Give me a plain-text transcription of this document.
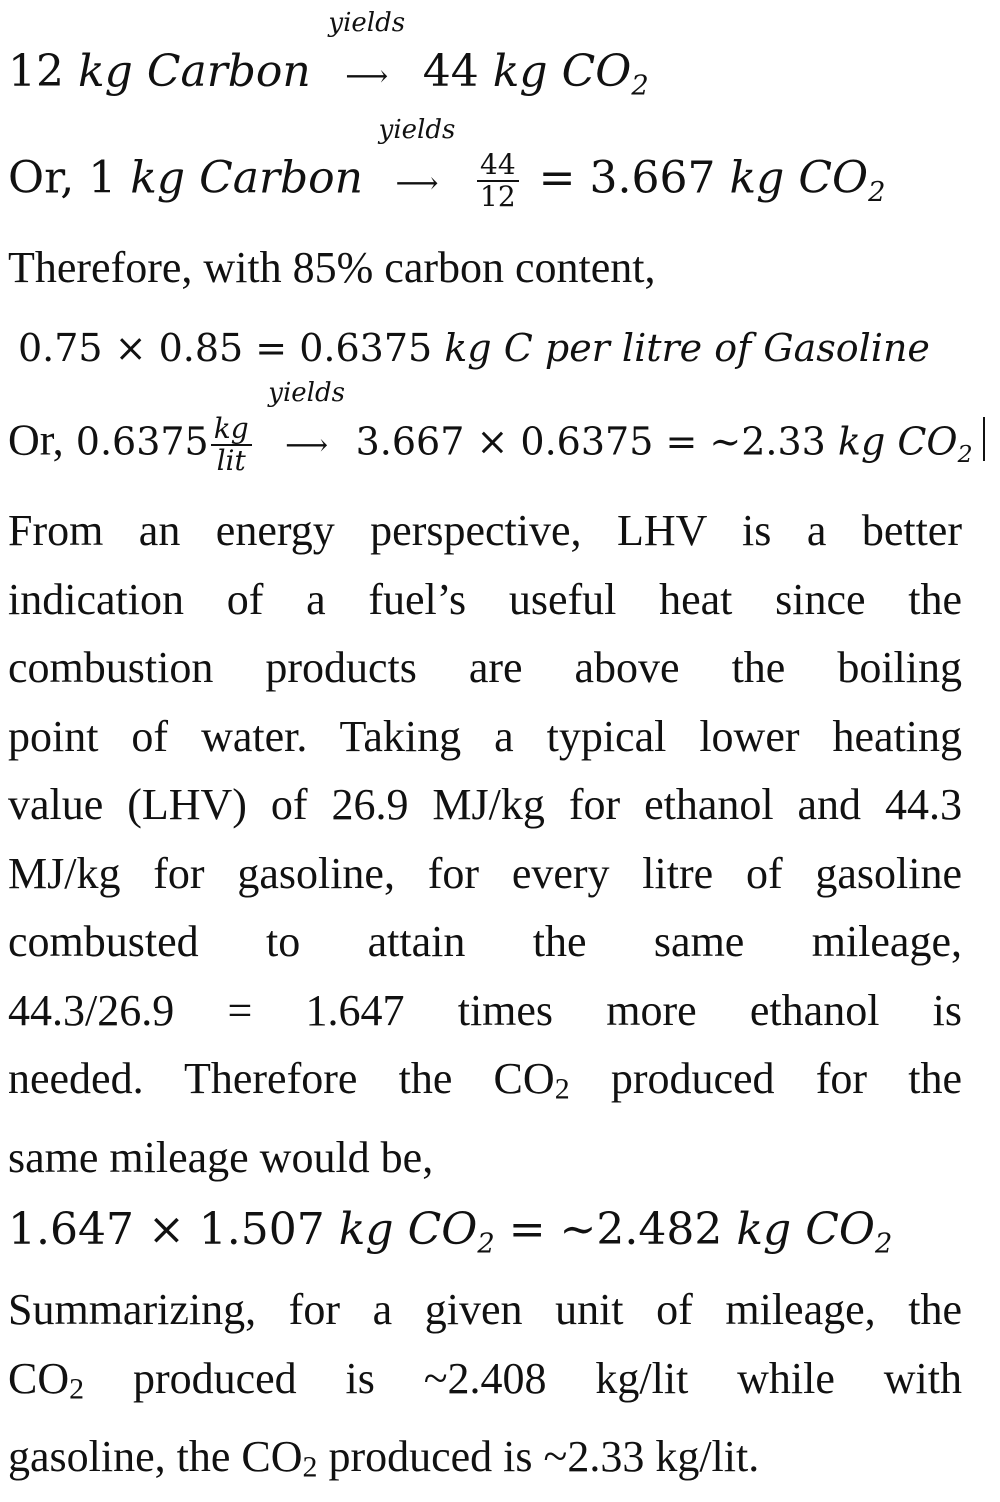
12 kg Carbon
yields
⟶ 44 kg $CO_2$
Or, 1 kg Carbon
yields
⟶ $\frac{44}{12} = 3.667$ kg $CO_2$
Therefore, with 85% carbon content,
0.75 × 0.85 = 0.6375 kg C per litre of Gasoline
Or, $0.6375 \frac{kg}{\text{lit}}$
yields
⟶ 3.667 × 0.6375 = ~2.33 kg $CO_2$
From an energy perspective, LHV is a better
indication of a fuel’s useful heat since the
combustion products are above the boiling
point of water. Taking a typical lower heating
value (LHV) of 26.9 MJ/kg for ethanol and 44.3
MJ/kg for gasoline, for every litre of gasoline
combusted to attain the same mileage,
44.3/26.9 = 1.647 times more ethanol is
needed. Therefore the CO2 produced for the
same mileage would be,
1.647 × 1.507 kg $CO_2$ = ~2.482 kg $CO_2$
Summarizing, for a given unit of mileage, the
CO2 produced is ~2.408 kg/lit while with
gasoline, the CO2 produced is ~2.33 kg/lit.
